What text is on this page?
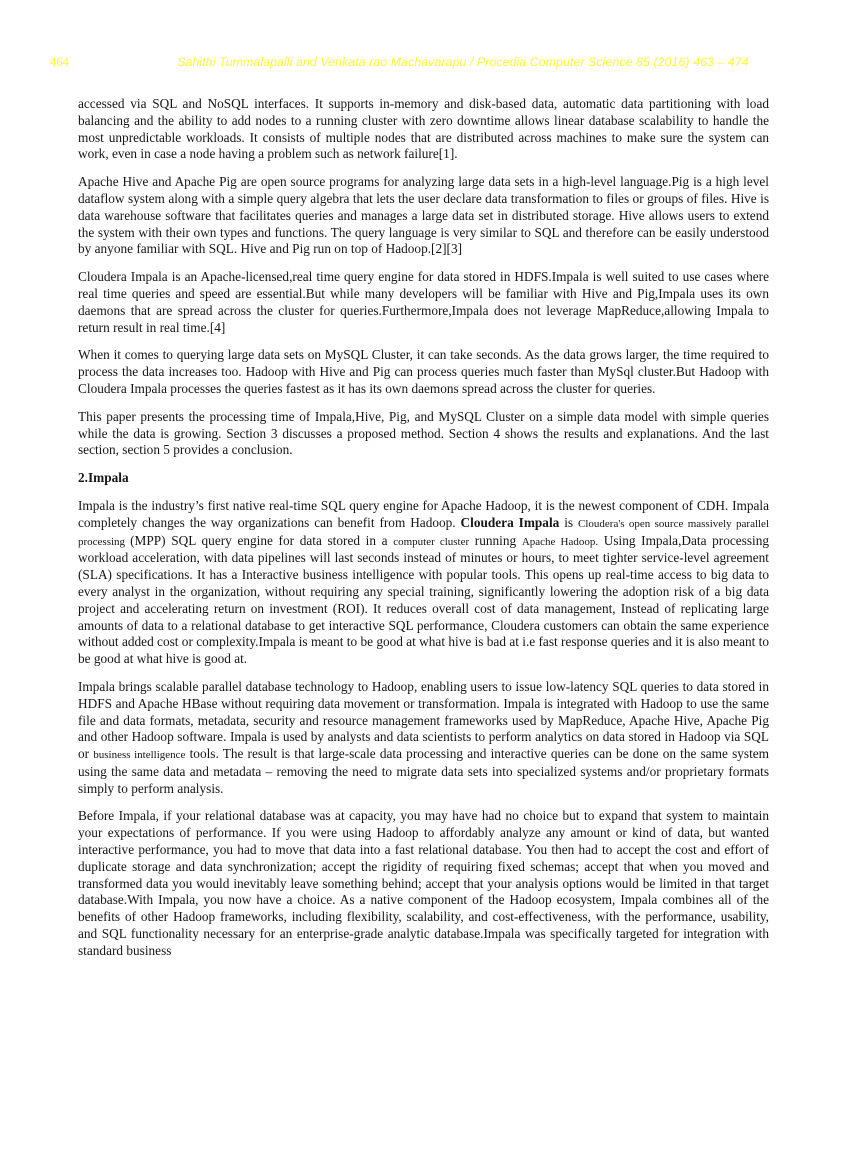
464	Sahithi Tummalapalli and Venkata rao Machavarapu / Procedia Computer Science 85 (2016) 463 – 474

accessed via SQL and NoSQL interfaces. It supports in-memory and disk-based data, automatic data partitioning with load balancing and the ability to add nodes to a running cluster with zero downtime allows linear database scalability to handle the most unpredictable workloads. It consists of multiple nodes that are distributed across machines to make sure the system can work, even in case a node having a problem such as network failure[1].

Apache Hive and Apache Pig are open source programs for analyzing large data sets in a high-level language.Pig is a high level dataflow system along with a simple query algebra that lets the user declare data transformation to files or groups of files. Hive is data warehouse software that facilitates queries and manages a large data set in distributed storage. Hive allows users to extend the system with their own types and functions. The query language is very similar to SQL and therefore can be easily understood by anyone familiar with SQL. Hive and Pig run on top of Hadoop.[2][3]

Cloudera Impala is an Apache-licensed,real time query engine for data stored in HDFS.Impala is well suited to use cases where real time queries and speed are essential.But while many developers will be familiar with Hive and Pig,Impala uses its own daemons that are spread across the cluster for queries.Furthermore,Impala does not leverage MapReduce,allowing Impala to return result in real time.[4]

When it comes to querying large data sets on MySQL Cluster, it can take seconds. As the data grows larger, the time required to process the data increases too. Hadoop with Hive and Pig can process queries much faster than MySql cluster.But Hadoop with Cloudera Impala processes the queries fastest as it has its own daemons spread across the cluster for queries.

This paper presents the processing time of Impala,Hive, Pig, and MySQL Cluster on a simple data model with simple queries while the data is growing. Section 3 discusses a proposed method. Section 4 shows the results and explanations. And the last section, section 5 provides a conclusion.

2.Impala

Impala is the industry’s first native real-time SQL query engine for Apache Hadoop, it is the newest component of CDH. Impala completely changes the way organizations can benefit from Hadoop. Cloudera Impala is Cloudera's open source massively parallel processing (MPP) SQL query engine for data stored in a computer cluster running Apache Hadoop. Using Impala,Data processing workload acceleration, with data pipelines will last seconds instead of minutes or hours, to meet tighter service-level agreement (SLA) specifications. It has a Interactive business intelligence with popular tools. This opens up real-time access to big data to every analyst in the organization, without requiring any special training, significantly lowering the adoption risk of a big data project and accelerating return on investment (ROI). It reduces overall cost of data management, Instead of replicating large amounts of data to a relational database to get interactive SQL performance, Cloudera customers can obtain the same experience without added cost or complexity.Impala is meant to be good at what hive is bad at i.e fast response queries and it is also meant to be good at what hive is good at.

Impala brings scalable parallel database technology to Hadoop, enabling users to issue low-latency SQL queries to data stored in HDFS and Apache HBase without requiring data movement or transformation. Impala is integrated with Hadoop to use the same file and data formats, metadata, security and resource management frameworks used by MapReduce, Apache Hive, Apache Pig and other Hadoop software. Impala is used by analysts and data scientists to perform analytics on data stored in Hadoop via SQL or business intelligence tools. The result is that large-scale data processing and interactive queries can be done on the same system using the same data and metadata – removing the need to migrate data sets into specialized systems and/or proprietary formats simply to perform analysis.

Before Impala, if your relational database was at capacity, you may have had no choice but to expand that system to maintain your expectations of performance. If you were using Hadoop to affordably analyze any amount or kind of data, but wanted interactive performance, you had to move that data into a fast relational database. You then had to accept the cost and effort of duplicate storage and data synchronization; accept the rigidity of requiring fixed schemas; accept that when you moved and transformed data you would inevitably leave something behind; accept that your analysis options would be limited in that target database.With Impala, you now have a choice. As a native component of the Hadoop ecosystem, Impala combines all of the benefits of other Hadoop frameworks, including flexibility, scalability, and cost-effectiveness, with the performance, usability, and SQL functionality necessary for an enterprise-grade analytic database.Impala was specifically targeted for integration with standard business
